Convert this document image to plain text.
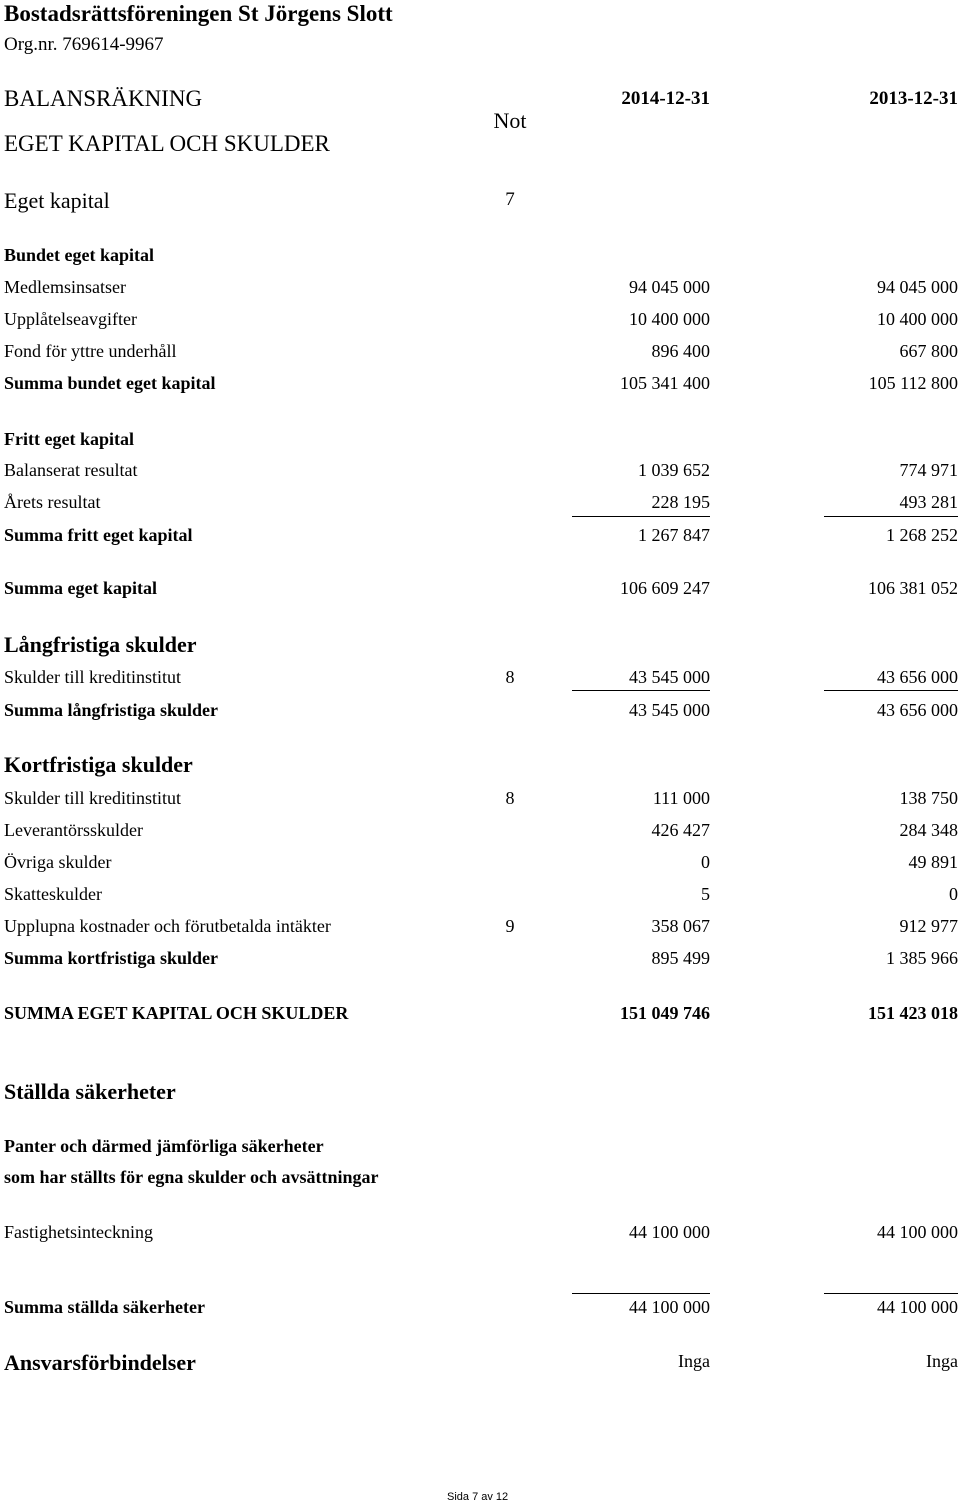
Bostadsrättsföreningen St Jörgens Slott
Org.nr. 769614-9967
BALANSRÄKNING
EGET KAPITAL OCH SKULDER
Not
2014-12-31	2013-12-31
Eget kapital	7
Bundet eget kapital
Medlemsinsatser	94 045 000	94 045 000
Upplåtelseavgifter	10 400 000	10 400 000
Fond för yttre underhåll	896 400	667 800
Summa bundet eget kapital	105 341 400	105 112 800
Fritt eget kapital
Balanserat resultat	1 039 652	774 971
Årets resultat	228 195	493 281
Summa fritt eget kapital	1 267 847	1 268 252
Summa eget kapital	106 609 247	106 381 052
Långfristiga skulder
Skulder till kreditinstitut	8	43 545 000	43 656 000
Summa långfristiga skulder	43 545 000	43 656 000
Kortfristiga skulder
Skulder till kreditinstitut	8	111 000	138 750
Leverantörsskulder	426 427	284 348
Övriga skulder	0	49 891
Skatteskulder	5	0
Upplupna kostnader och förutbetalda intäkter	9	358 067	912 977
Summa kortfristiga skulder	895 499	1 385 966
SUMMA EGET KAPITAL OCH SKULDER	151 049 746	151 423 018
Ställda säkerheter
Panter och därmed jämförliga säkerheter
som har ställts för egna skulder och avsättningar
Fastighetsinteckning	44 100 000	44 100 000
Summa ställda säkerheter	44 100 000	44 100 000
Ansvarsförbindelser	Inga	Inga
Sida 7 av 12
